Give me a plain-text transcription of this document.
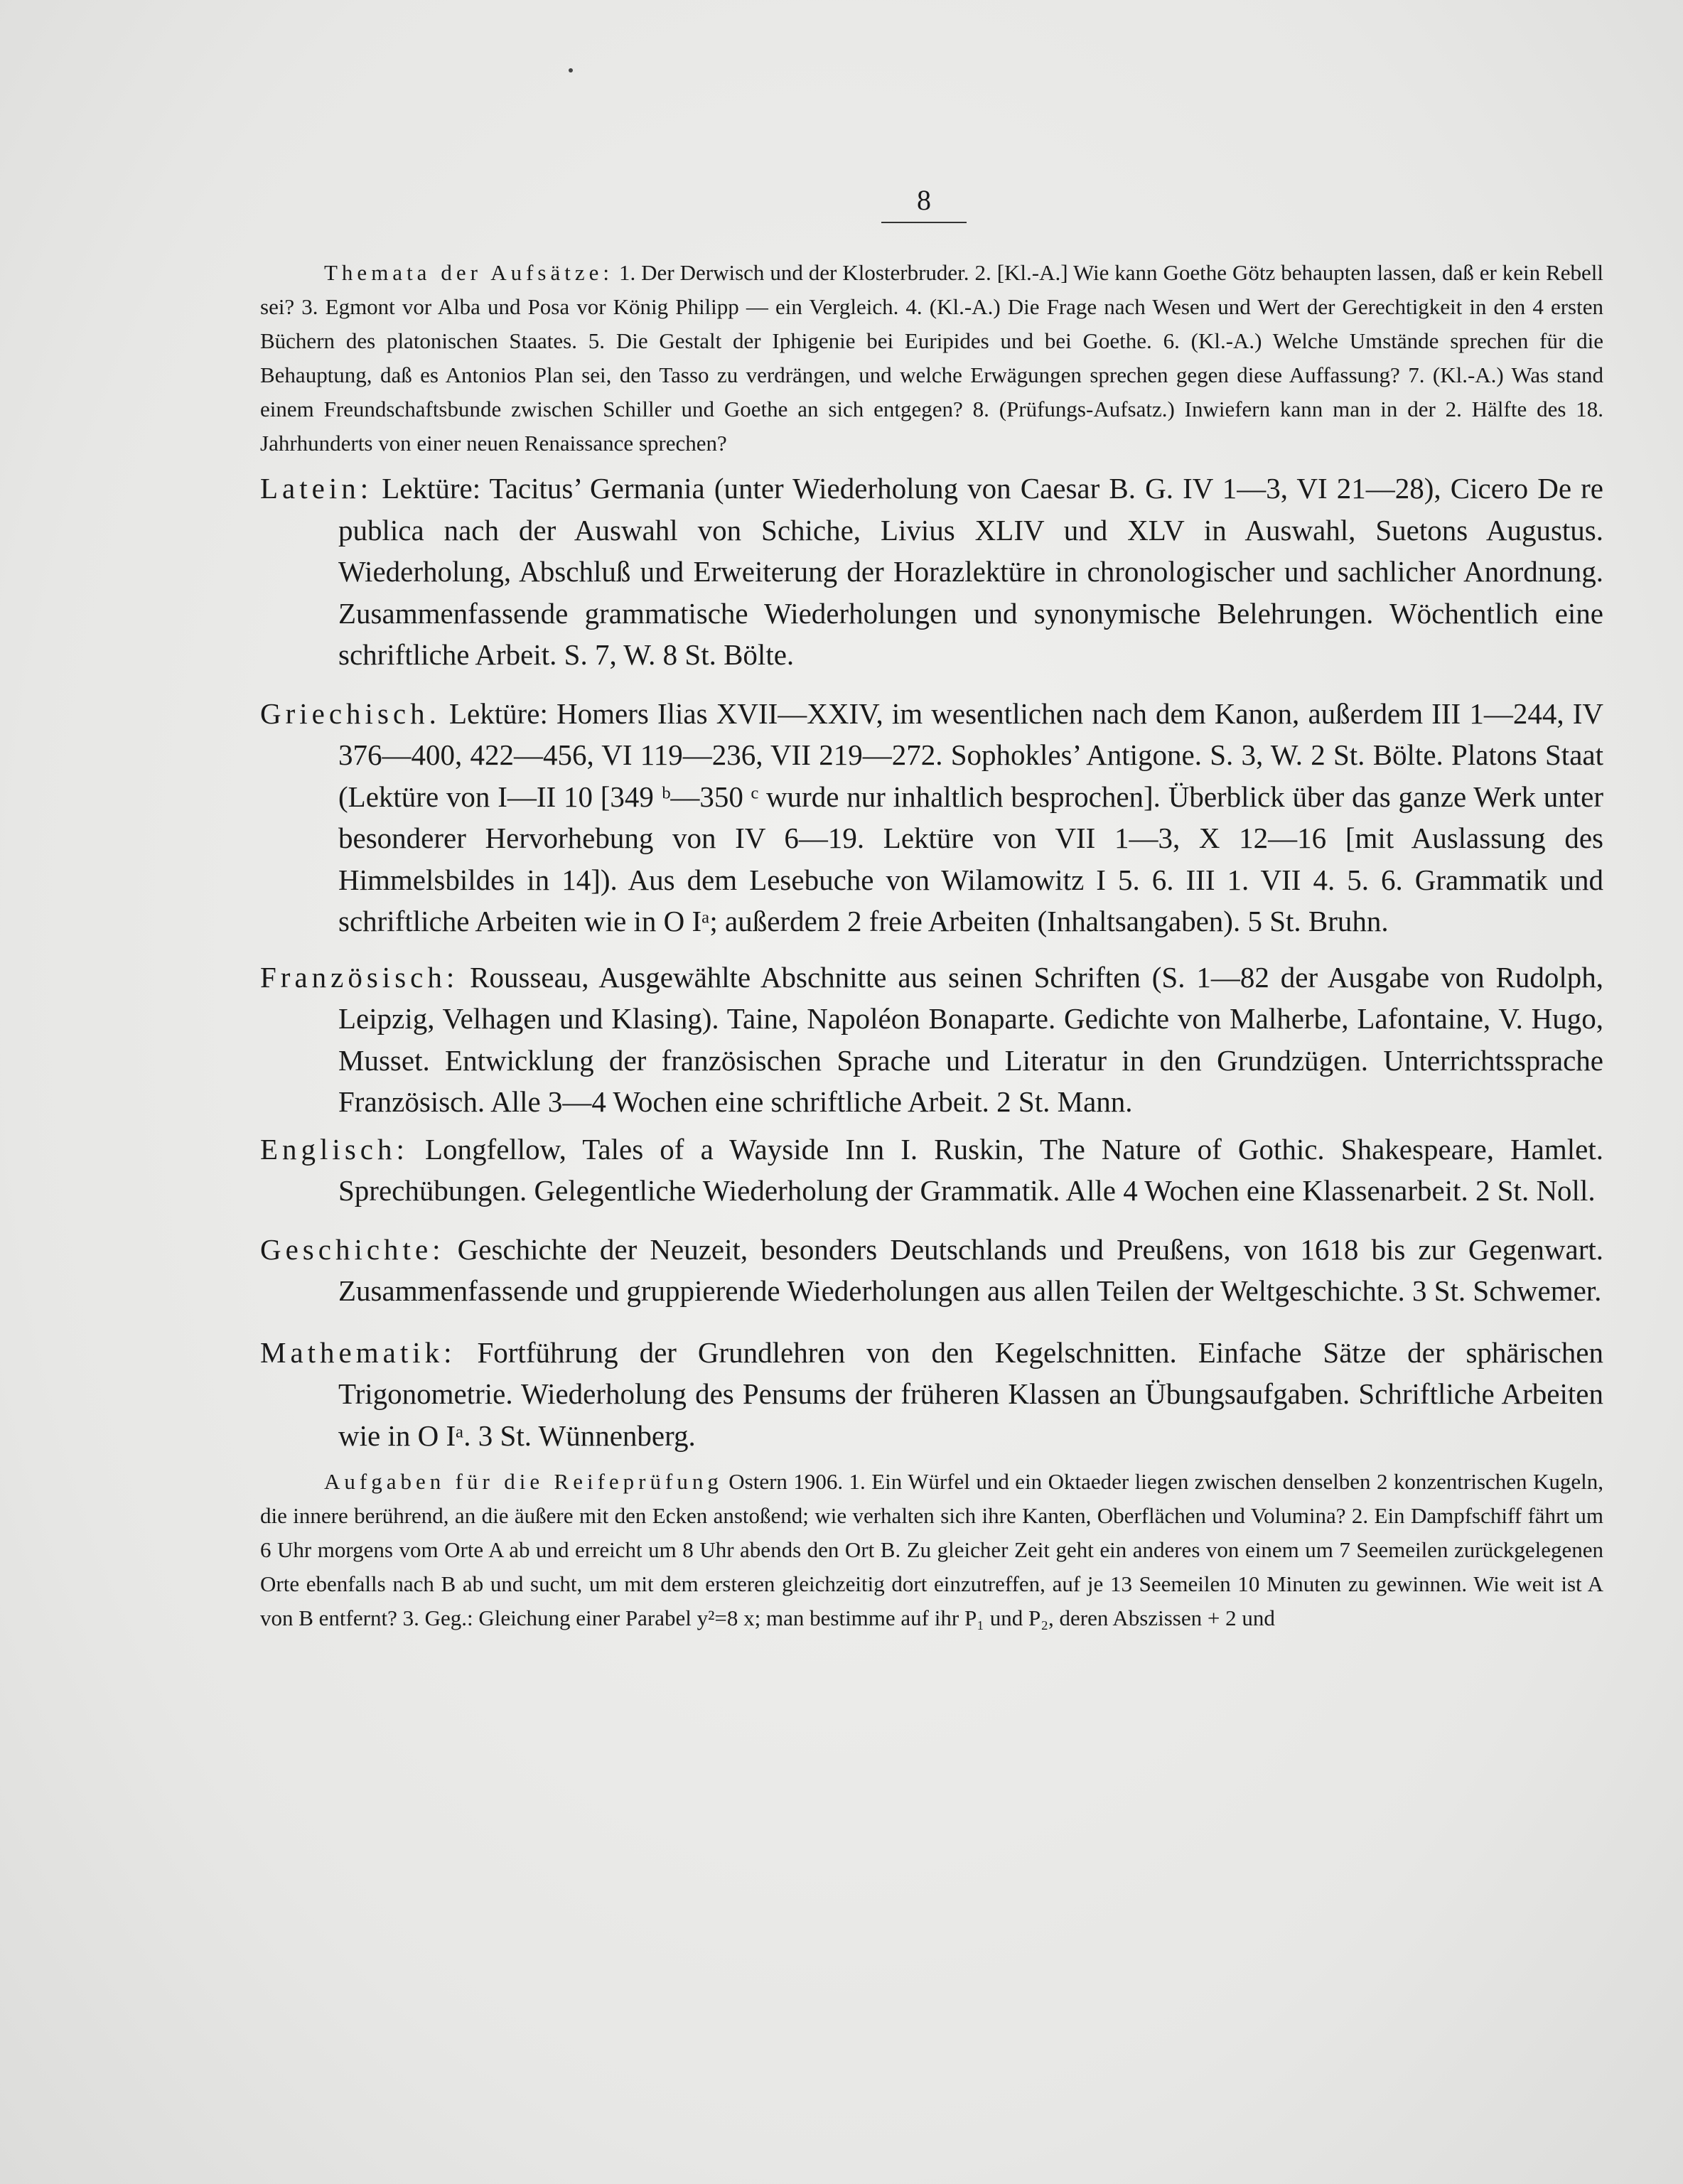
8

Themata der Aufsätze: 1. Der Derwisch und der Klosterbruder. 2. [Kl.-A.] Wie kann Goethe Götz behaupten lassen, daß er kein Rebell sei? 3. Egmont vor Alba und Posa vor König Philipp — ein Vergleich. 4. (Kl.-A.) Die Frage nach Wesen und Wert der Gerechtigkeit in den 4 ersten Büchern des platonischen Staates. 5. Die Gestalt der Iphigenie bei Euripides und bei Goethe. 6. (Kl.-A.) Welche Umstände sprechen für die Behauptung, daß es Antonios Plan sei, den Tasso zu verdrängen, und welche Erwägungen sprechen gegen diese Auffassung? 7. (Kl.-A.) Was stand einem Freundschaftsbunde zwischen Schiller und Goethe an sich entgegen? 8. (Prüfungs-Aufsatz.) Inwiefern kann man in der 2. Hälfte des 18. Jahrhunderts von einer neuen Renaissance sprechen?

Latein: Lektüre: Tacitus’ Germania (unter Wiederholung von Caesar B. G. IV 1—3, VI 21—28), Cicero De re publica nach der Auswahl von Schiche, Livius XLIV und XLV in Auswahl, Suetons Augustus. Wiederholung, Abschluß und Erweiterung der Horazlektüre in chronologischer und sachlicher Anordnung. Zusammenfassende grammatische Wiederholungen und synonymische Belehrungen. Wöchentlich eine schriftliche Arbeit. S. 7, W. 8 St. Bölte.

Griechisch. Lektüre: Homers Ilias XVII—XXIV, im wesentlichen nach dem Kanon, außerdem III 1—244, IV 376—400, 422—456, VI 119—236, VII 219—272. Sophokles’ Antigone. S. 3, W. 2 St. Bölte. Platons Staat (Lektüre von I—II 10 [349 ᵇ—350 ᶜ wurde nur inhaltlich besprochen]. Überblick über das ganze Werk unter besonderer Hervorhebung von IV 6—19. Lektüre von VII 1—3, X 12—16 [mit Auslassung des Himmelsbildes in 14]). Aus dem Lesebuche von Wilamowitz I 5. 6. III 1. VII 4. 5. 6. Grammatik und schriftliche Arbeiten wie in O Iᵃ; außerdem 2 freie Arbeiten (Inhaltsangaben). 5 St. Bruhn.

Französisch: Rousseau, Ausgewählte Abschnitte aus seinen Schriften (S. 1—82 der Ausgabe von Rudolph, Leipzig, Velhagen und Klasing). Taine, Napoléon Bonaparte. Gedichte von Malherbe, Lafontaine, V. Hugo, Musset. Entwicklung der französischen Sprache und Literatur in den Grundzügen. Unterrichtssprache Französisch. Alle 3—4 Wochen eine schriftliche Arbeit. 2 St. Mann.

Englisch: Longfellow, Tales of a Wayside Inn I. Ruskin, The Nature of Gothic. Shakespeare, Hamlet. Sprechübungen. Gelegentliche Wiederholung der Grammatik. Alle 4 Wochen eine Klassenarbeit. 2 St. Noll.

Geschichte: Geschichte der Neuzeit, besonders Deutschlands und Preußens, von 1618 bis zur Gegenwart. Zusammenfassende und gruppierende Wiederholungen aus allen Teilen der Weltgeschichte. 3 St. Schwemer.

Mathematik: Fortführung der Grundlehren von den Kegelschnitten. Einfache Sätze der sphärischen Trigonometrie. Wiederholung des Pensums der früheren Klassen an Übungsaufgaben. Schriftliche Arbeiten wie in O Iᵃ. 3 St. Wünnenberg.

Aufgaben für die Reifeprüfung Ostern 1906. 1. Ein Würfel und ein Oktaeder liegen zwischen denselben 2 konzentrischen Kugeln, die innere berührend, an die äußere mit den Ecken anstoßend; wie verhalten sich ihre Kanten, Oberflächen und Volumina? 2. Ein Dampfschiff fährt um 6 Uhr morgens vom Orte A ab und erreicht um 8 Uhr abends den Ort B. Zu gleicher Zeit geht ein anderes von einem um 7 Seemeilen zurückgelegenen Orte ebenfalls nach B ab und sucht, um mit dem ersteren gleichzeitig dort einzutreffen, auf je 13 Seemeilen 10 Minuten zu gewinnen. Wie weit ist A von B entfernt? 3. Geg.: Gleichung einer Parabel y²=8 x; man bestimme auf ihr P₁ und P₂, deren Abszissen + 2 und
